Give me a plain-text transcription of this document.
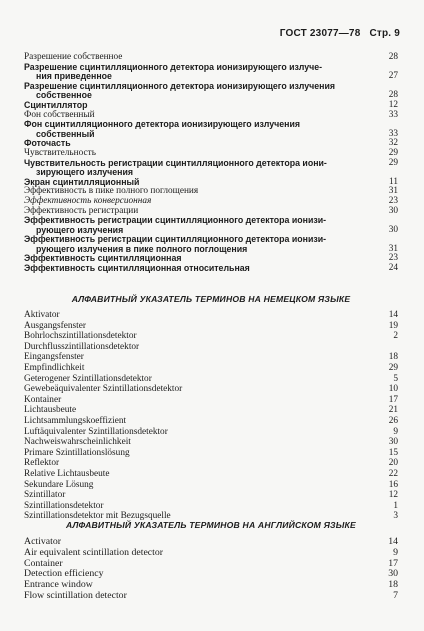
ГОСТ 23077—78 Стр. 9
Разрешение собственное	28
Разрешение сцинтилляционного детектора ионизирующего излуче-
ния приведенное	27
Разрешение сцинтилляционного детектора ионизирующего излучения
собственное	28
Сцинтиллятор	12
Фон собственный	33
Фон сцинтилляционного детектора ионизирующего излучения
собственный	33
Фоточасть	32
Чувствительность	29
Чувствительность регистрации сцинтилляционного детектора иони-	29
зирующего излучения
Экран сцинтилляционный	11
Эффективность в пике полного поглощения	31
Эффективность конверсионная	23
Эффективность регистрации	30
Эффективность регистрации сцинтилляционного детектора ионизи-
рующего излучения	30
Эффективность регистрации сцинтилляционного детектора ионизи-
рующего излучения в пике полного поглощения	31
Эффективность сцинтилляционная	23
Эффективность сцинтилляционная относительная	24
АЛФАВИТНЫЙ УКАЗАТЕЛЬ ТЕРМИНОВ НА НЕМЕЦКОМ ЯЗЫКЕ
Aktivator	14
Ausgangsfenster	19
Bohrlochszintillationsdetektor	2
Durchflusszintillationsdetektor
Eingangsfenster	18
Empfindlichkeit	29
Geterogener Szintillationsdetektor	5
Gewebeäquivalenter Szintillationsdetektor	10
Kontainer	17
Lichtausbeute	21
Lichtsammlungskoeffizient	26
Luftäquivalenter Szintillationsdetektor	9
Nachweiswahrscheinlichkeit	30
Primare Szintillationslösung	15
Reflektor	20
Relative Lichtausbeute	22
Sekundare Lösung	16
Szintillator	12
Szintillationsdetektor	1
Szintillationsdetektor mit Bezugsquelle	3
АЛФАВИТНЫЙ УКАЗАТЕЛЬ ТЕРМИНОВ НА АНГЛИЙСКОМ ЯЗЫКЕ
Activator	14
Air equivalent scintillation detector	9
Container	17
Detection efficiency	30
Entrance window	18
Flow scintillation detector	7
